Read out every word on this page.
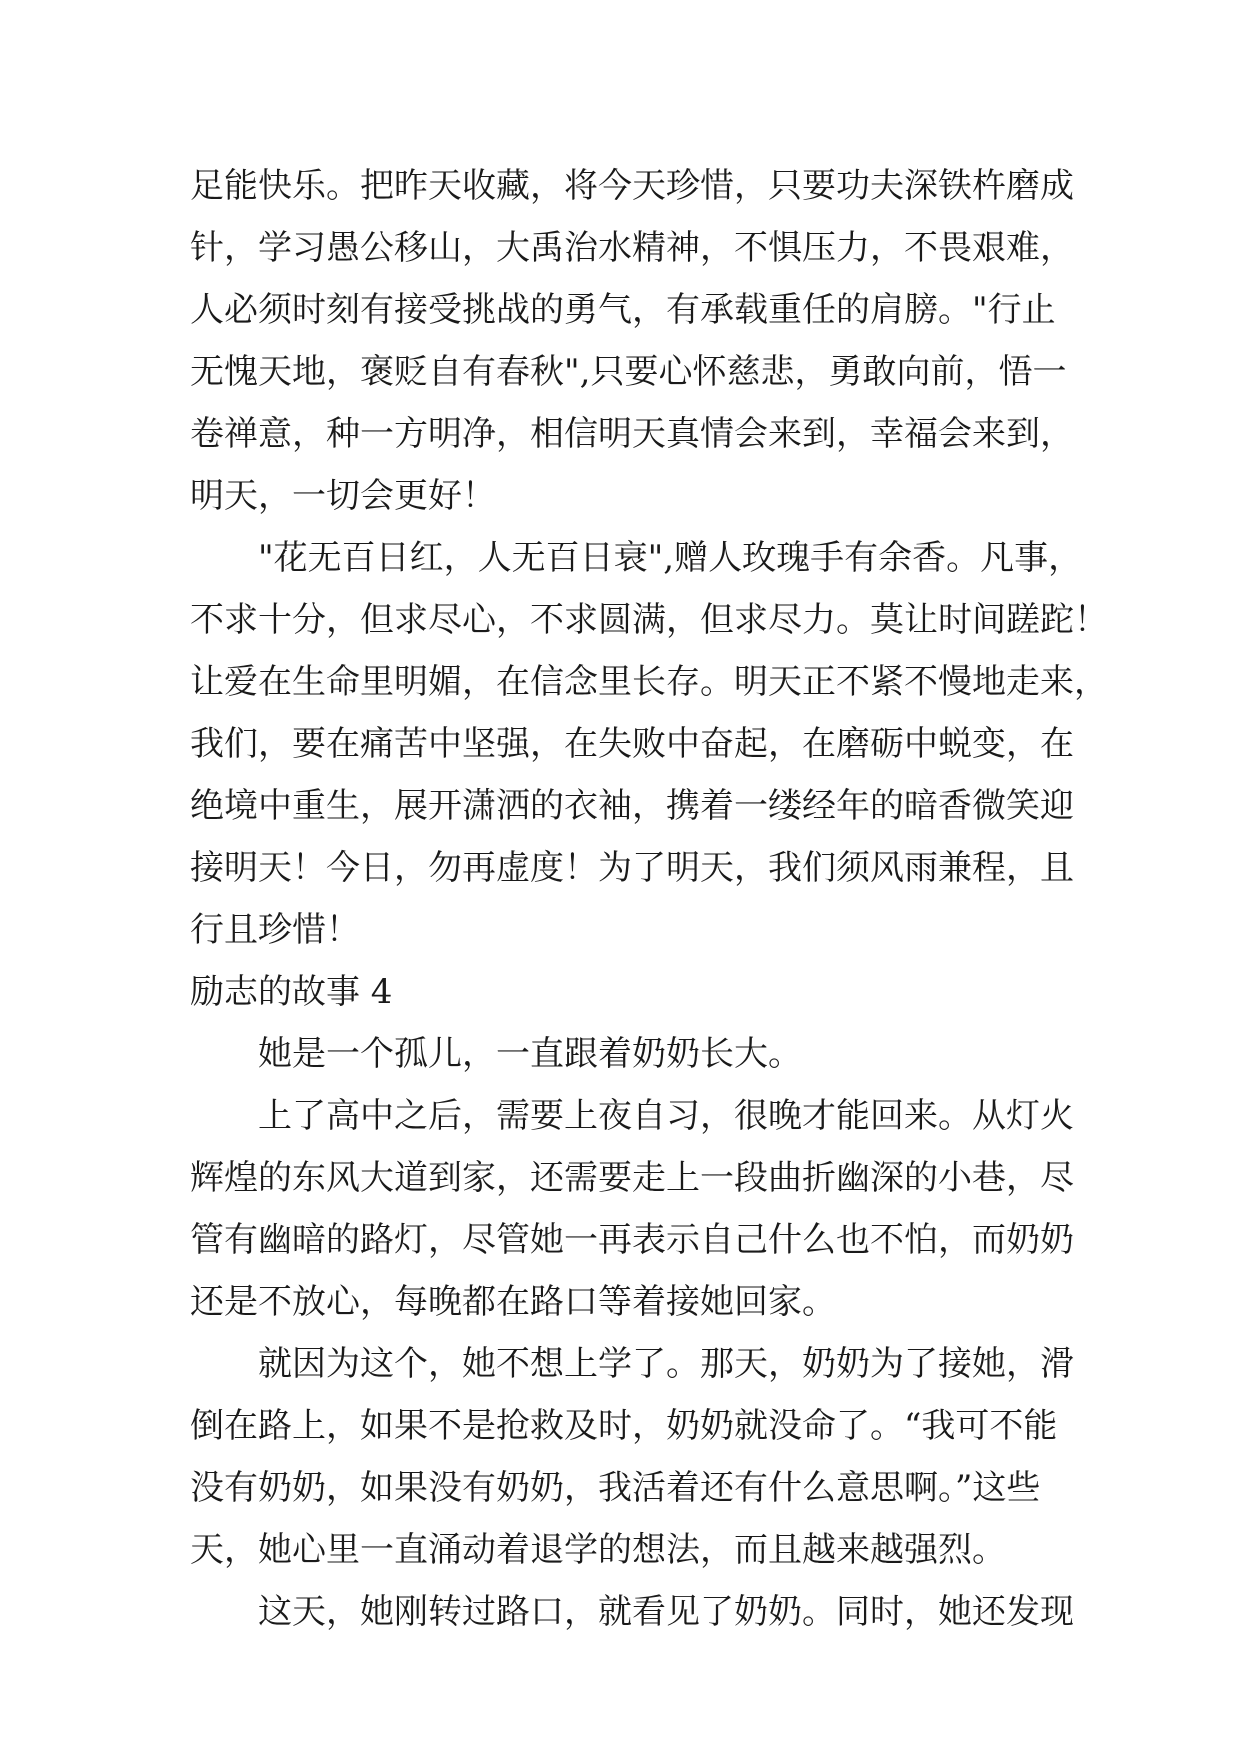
足能快乐。把昨天收藏，将今天珍惜，只要功夫深铁杵磨成
针，学习愚公移山，大禹治水精神，不惧压力，不畏艰难，
人必须时刻有接受挑战的勇气，有承载重任的肩膀。"行止
无愧天地，褒贬自有春秋",只要心怀慈悲，勇敢向前，悟一
卷禅意，种一方明净，相信明天真情会来到，幸福会来到，
明天，一切会更好！
"花无百日红，人无百日衰",赠人玫瑰手有余香。凡事，
不求十分，但求尽心，不求圆满，但求尽力。莫让时间蹉跎！
让爱在生命里明媚，在信念里长存。明天正不紧不慢地走来，
我们，要在痛苦中坚强，在失败中奋起，在磨砺中蜕变，在
绝境中重生，展开潇洒的衣袖，携着一缕经年的暗香微笑迎
接明天！今日，勿再虚度！为了明天，我们须风雨兼程，且
行且珍惜！
励志的故事 4
她是一个孤儿，一直跟着奶奶长大。
上了高中之后，需要上夜自习，很晚才能回来。从灯火
辉煌的东风大道到家，还需要走上一段曲折幽深的小巷，尽
管有幽暗的路灯，尽管她一再表示自己什么也不怕，而奶奶
还是不放心，每晚都在路口等着接她回家。
就因为这个，她不想上学了。那天，奶奶为了接她，滑
倒在路上，如果不是抢救及时，奶奶就没命了。“我可不能
没有奶奶，如果没有奶奶，我活着还有什么意思啊。”这些
天，她心里一直涌动着退学的想法，而且越来越强烈。
这天，她刚转过路口，就看见了奶奶。同时，她还发现
